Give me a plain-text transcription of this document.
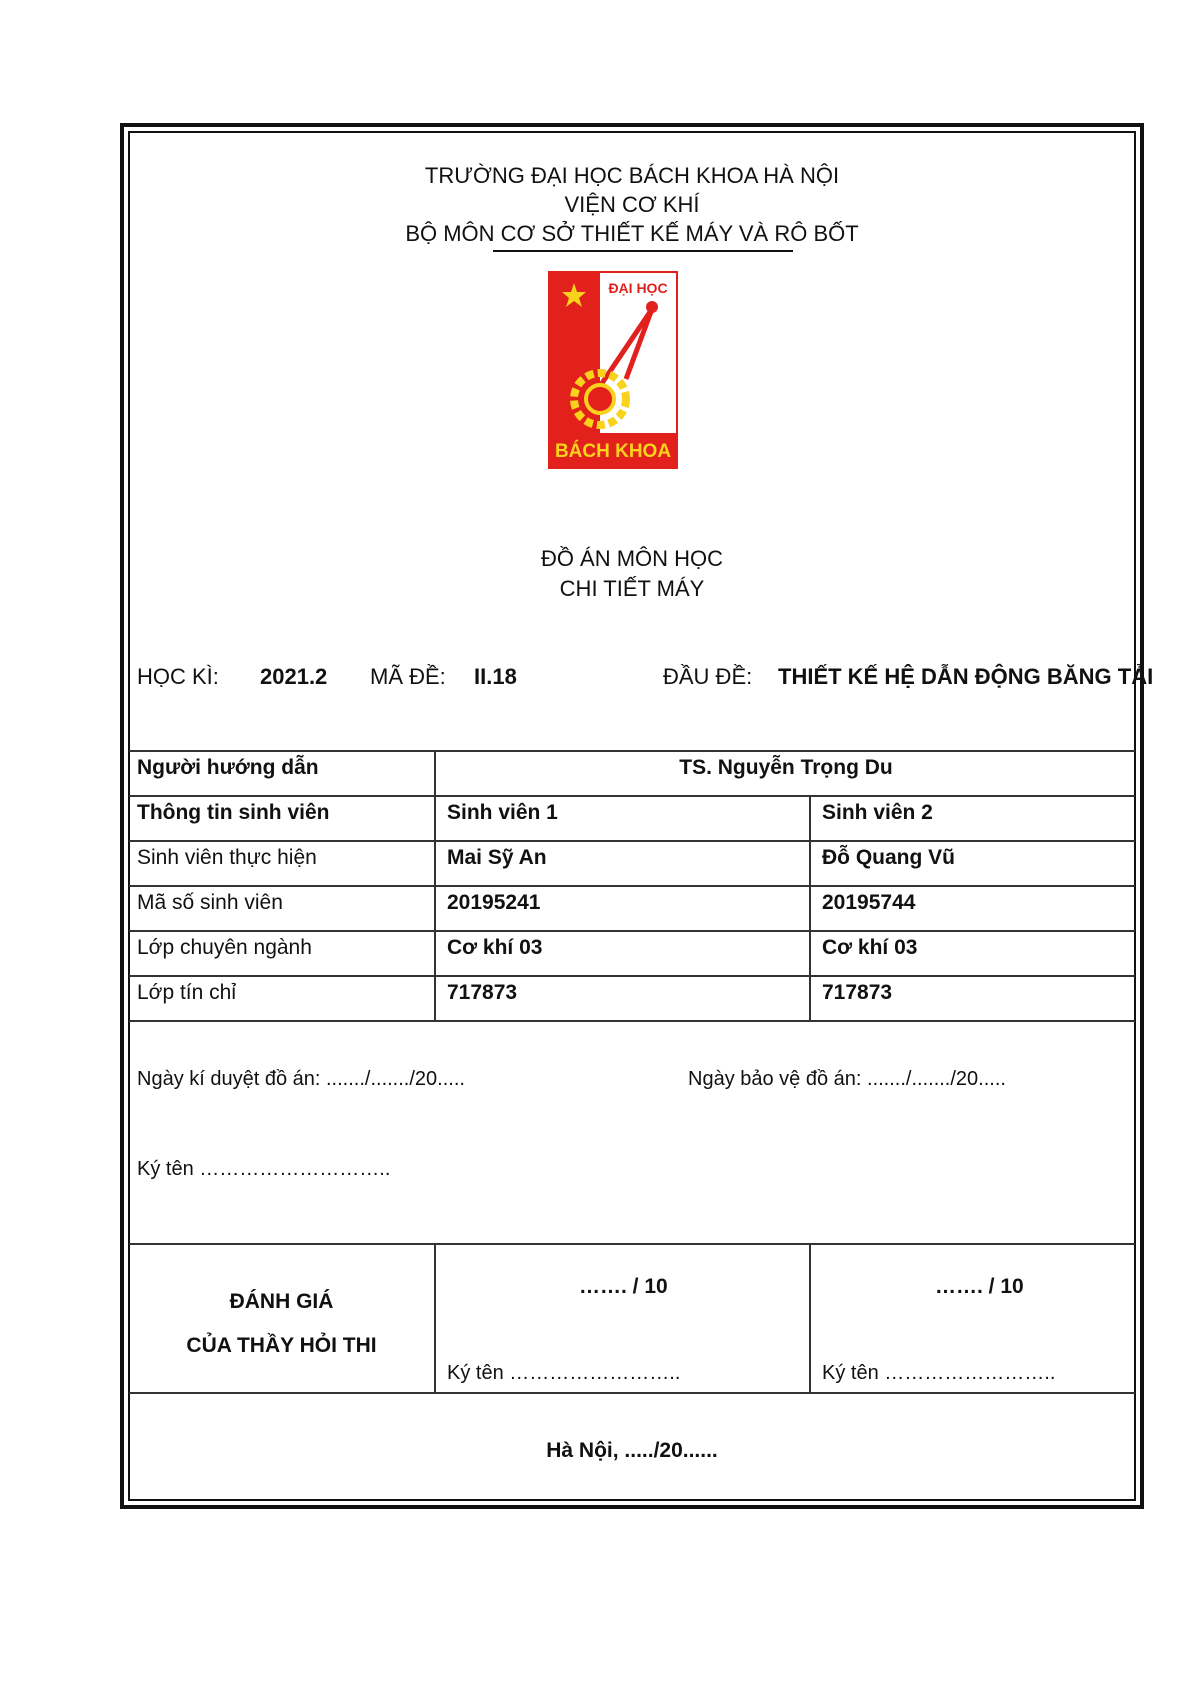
TRƯỜNG ĐẠI HỌC BÁCH KHOA HÀ NỘI
VIỆN CƠ KHÍ
BỘ MÔN CƠ SỞ THIẾT KẾ MÁY VÀ RÔ BỐT
ĐẠI HỌC
BÁCH KHOA
ĐỒ ÁN MÔN HỌC
CHI TIẾT MÁY
HỌC KÌ: 2021.2 MÃ ĐỀ: II.18	ĐẦU ĐỀ: THIẾT KẾ HỆ DẪN ĐỘNG BĂNG TẢI
Người hướng dẫn	TS. Nguyễn Trọng Du
Thông tin sinh viên	Sinh viên 1	Sinh viên 2
Sinh viên thực hiện	Mai Sỹ An	Đỗ Quang Vũ
Mã số sinh viên	20195241	20195744
Lớp chuyên ngành	Cơ khí 03	Cơ khí 03
Lớp tín chỉ	717873	717873
Ngày kí duyệt đồ án: ......./......./20.....	Ngày bảo vệ đồ án: ......./......./20.....
Ký tên ………………………..
ĐÁNH GIÁ
CỦA THẦY HỎI THI
……. / 10	……. / 10
Ký tên ……………………..	Ký tên ……………………..
Hà Nội, ...../20......
